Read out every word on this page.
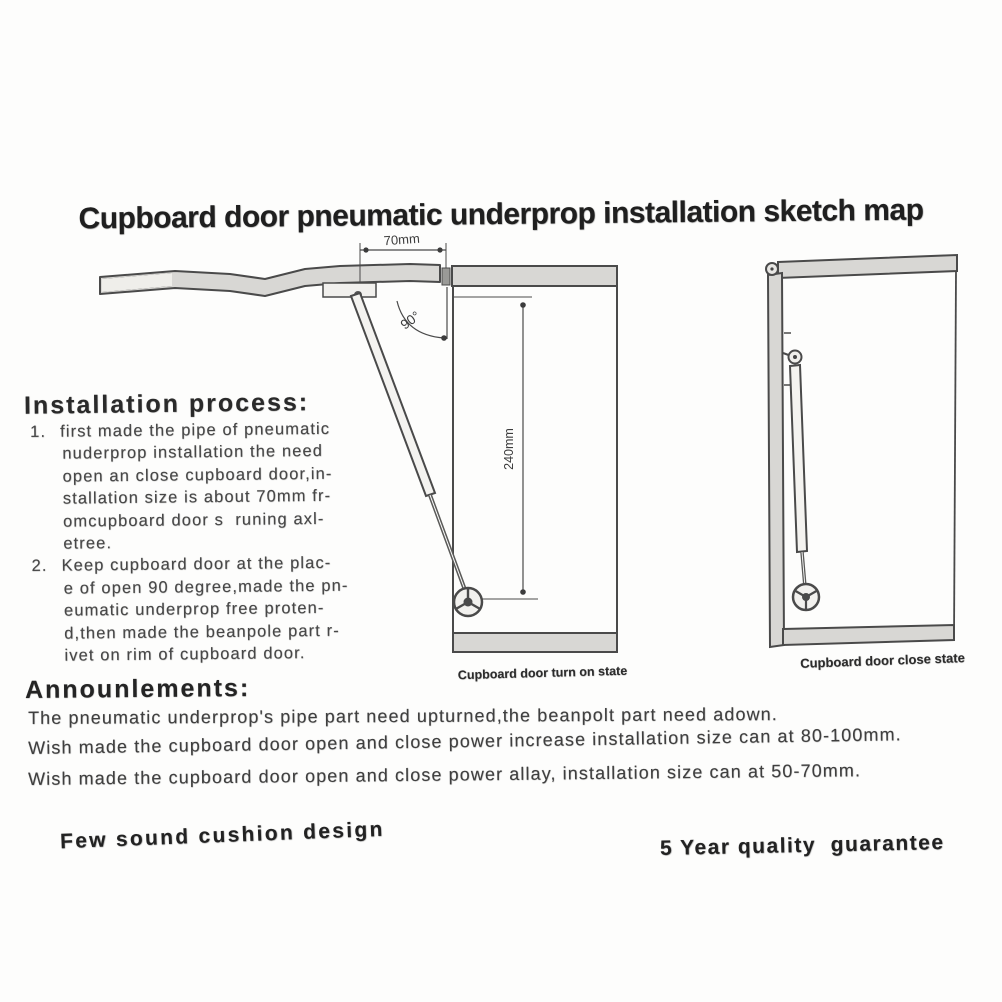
Cupboard door pneumatic underprop installation sketch map
70mm
90°
240mm
Cupboard door turn on state
Cupboard door close state
Installation process:
1. first made the pipe of pneumatic
nuderprop installation the need
open an close cupboard door,in-
stallation size is about 70mm fr-
omcupboard door s  runing axl-
etree.
2. Keep cupboard door at the plac-
e of open 90 degree,made the pn-
eumatic underprop free proten-
d,then made the beanpole part r-
ivet on rim of cupboard door.
Announlements:
The pneumatic underprop's pipe part need upturned,the beanpolt part need adown.
Wish made the cupboard door open and close power increase installation size can at 80-100mm.
Wish made the cupboard door open and close power allay, installation size can at 50-70mm.
Few sound cushion design	5 Year quality  guarantee
